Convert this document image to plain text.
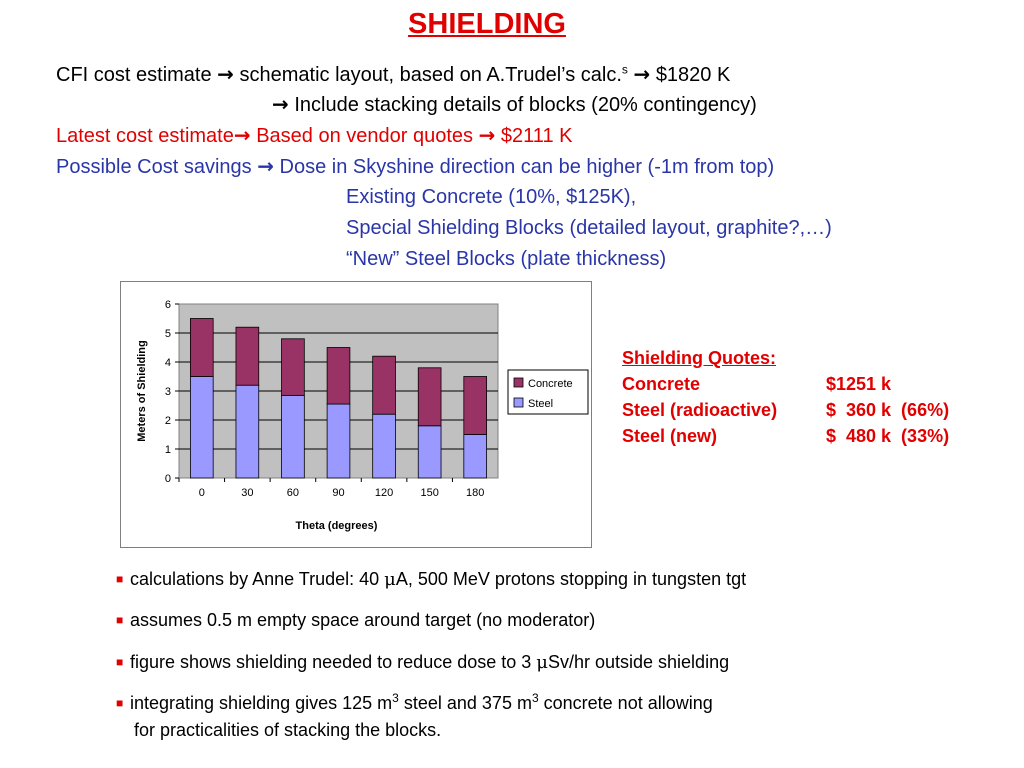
SHIELDING
CFI cost estimate → schematic layout, based on A.Trudel’s calc.$^s$ → $1820 K
→ Include stacking details of blocks (20% contingency)
Latest cost estimate→ Based on vendor quotes → $2111 K
Possible Cost savings → Dose in Skyshine direction can be higher (-1m from top)
Existing Concrete (10%, $125K),
Special Shielding Blocks (detailed layout, graphite?,…)
“New” Steel Blocks (plate thickness)
0
1
2
3
4
5
6
0	30	60	90	120 150 180
Theta (degrees)
Meters of Shielding	Concrete
Steel
Shielding Quotes:
Concrete	$1251 k
Steel (radioactive)	$  360 k  (66%)
Steel (new)	$  480 k  (33%)
■ calculations by Anne Trudel: 40 μA, 500 MeV protons stopping in tungsten tgt
■ assumes 0.5 m empty space around target (no moderator)
■ figure shows shielding needed to reduce dose to 3 μSv/hr outside shielding
■ integrating shielding gives 125 $m^3$ steel and 375 $m^3$ concrete not allowing
for practicalities of stacking the blocks.
